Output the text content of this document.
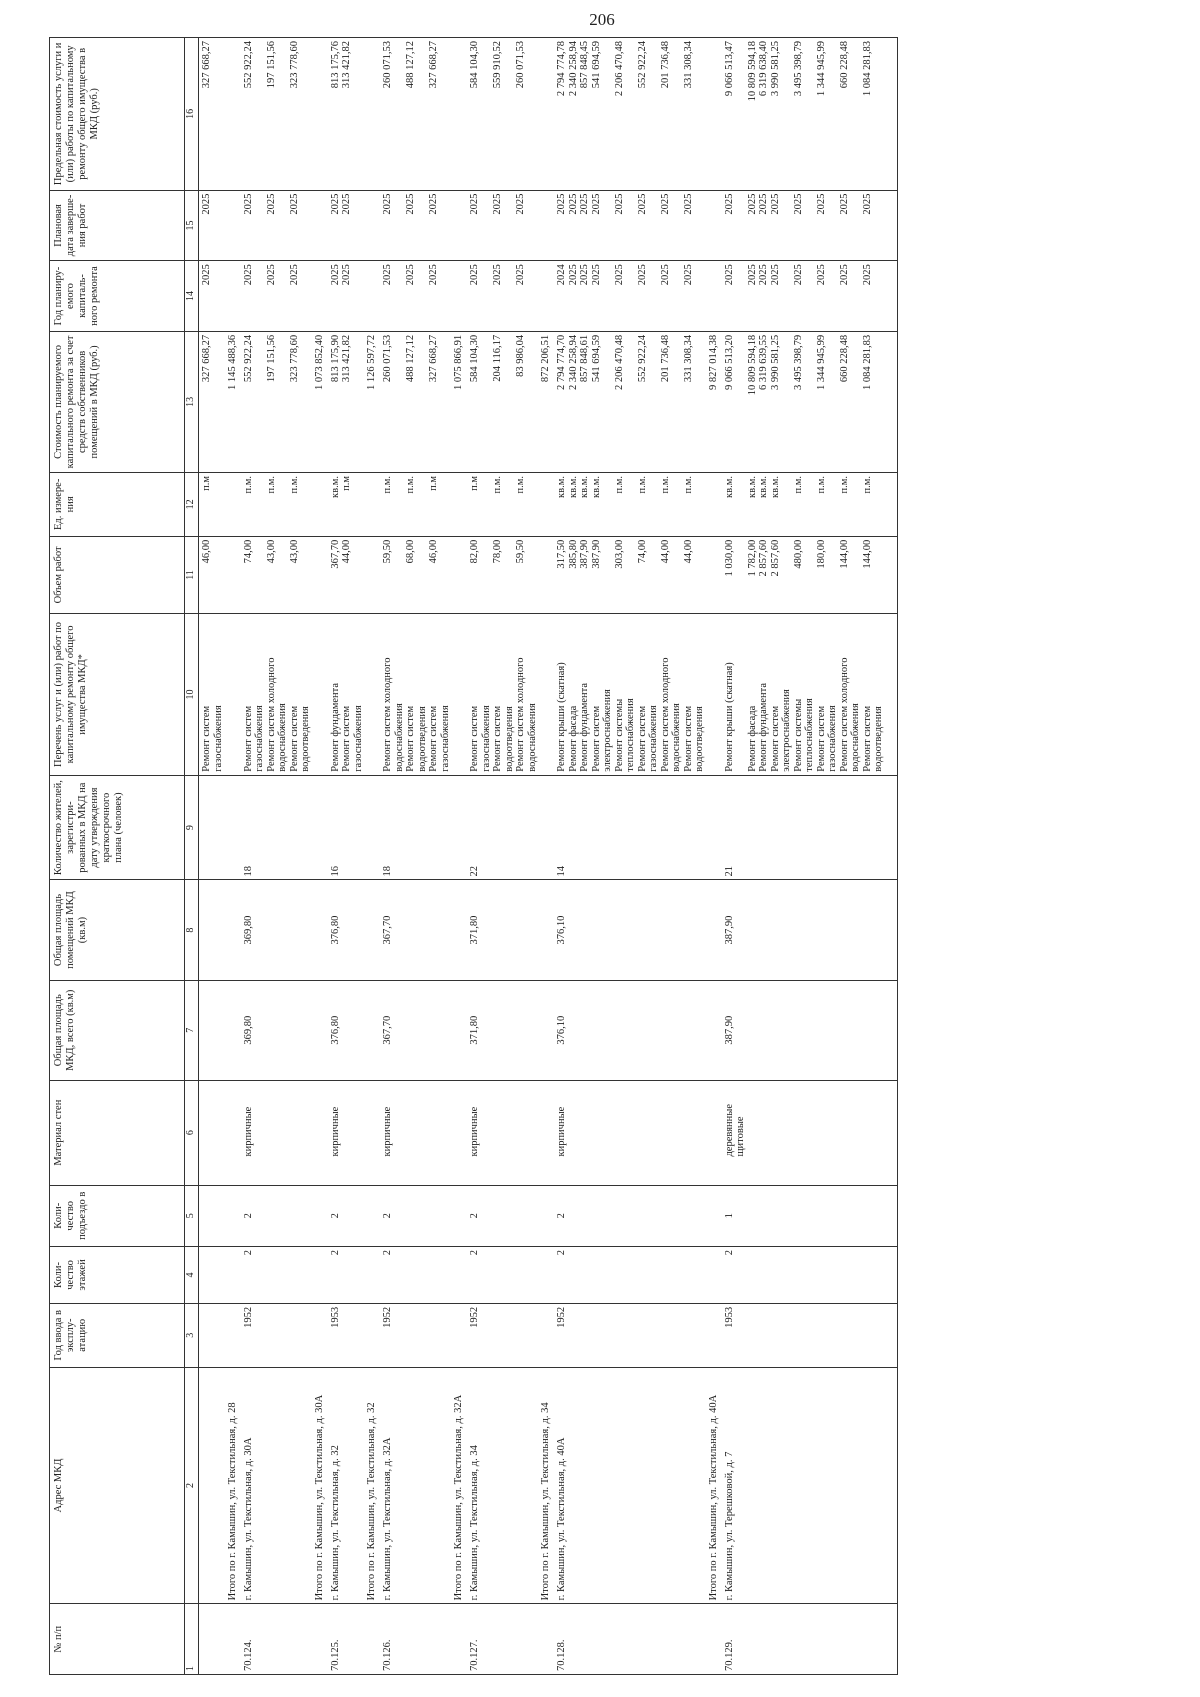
206
№ п/п	Адрес МКД	Год ввода в эксплу- атацию	Коли- чество этажей	Коли- чество подъездо в	Материал стен	Общая площадь МКД, всего (кв.м)	Общая площадь помещений МКД (кв.м)	Количество жителей, зарегистри- рованных в МКД на дату утверждения краткосрочного плана (человек)	Перечень услуг и (или) работ по капитальному ремонту общего имущества МКД*	Объем работ	Ед. измере- ния	Стоимость планируемого капитального ремонта за счет средств собственников помещений в МКД (руб.)	Год планиру- емого капиталь- ного ремонта	Плановая дата заверше- ния работ	Предельная стоимость услуги и (или) работы по капитальному ремонту общего имущества в МКД (руб.)
1	2	3	4	5	6	7	8	9	10	11	12	13	14	15	16
									Ремонт систем	46,00	п.м	327 668,27	2025	2025	327 668,27
									газоснабжения						
	Итого по г. Камышин, ул. Текстильная, д. 28											1 145 488,36			
70.124.	г. Камышин, ул. Текстильная, д. 30А	1952	2	2	кирпичные	369,80	369,80	18	Ремонт систем	74,00	п.м.	552 922,24	2025	2025	552 922,24
									газоснабжения						
									Ремонт систем холодного	43,00	п.м.	197 151,56	2025	2025	197 151,56
									водоснабжения						
									Ремонт систем	43,00	п.м.	323 778,60	2025	2025	323 778,60
									водоотведения						
	Итого по г. Камышин, ул. Текстильная, д. 30А											1 073 852,40			
70.125.	г. Камышин, ул. Текстильная, д. 32	1953	2	2	кирпичные	376,80	376,80	16	Ремонт фундамента	367,70	кв.м.	813 175,90	2025	2025	813 175,76
									Ремонт систем	44,00	п.м	313 421,82	2025	2025	313 421,82
									газоснабжения						
	Итого по г. Камышин, ул. Текстильная, д. 32											1 126 597,72			
70.126.	г. Камышин, ул. Текстильная, д. 32А	1952	2	2	кирпичные	367,70	367,70	18	Ремонт систем холодного	59,50	п.м.	260 071,53	2025	2025	260 071,53
									водоснабжения						
									Ремонт систем	68,00	п.м.	488 127,12	2025	2025	488 127,12
									водоотведения						
									Ремонт систем	46,00	п.м	327 668,27	2025	2025	327 668,27
									газоснабжения						
	Итого по г. Камышин, ул. Текстильная, д. 32А											1 075 866,91			
70.127.	г. Камышин, ул. Текстильная, д. 34	1952	2	2	кирпичные	371,80	371,80	22	Ремонт систем	82,00	п.м	584 104,30	2025	2025	584 104,30
									газоснабжения						
									Ремонт систем	78,00	п.м.	204 116,17	2025	2025	559 910,52
									водоотведения						
									Ремонт систем холодного	59,50	п.м.	83 986,04	2025	2025	260 071,53
									водоснабжения						
	Итого по г. Камышин, ул. Текстильная, д. 34											872 206,51			
70.128.	г. Камышин, ул. Текстильная, д. 40А	1952	2	2	кирпичные	376,10	376,10	14	Ремонт крыши (скатная)	317,50	кв.м.	2 794 774,70	2024	2025	2 794 774,78
									Ремонт фасада	385,80	кв.м.	2 340 258,94	2025	2025	2 340 258,94
									Ремонт фундамента	387,90	кв.м.	857 848,61	2025	2025	857 848,45
									Ремонт систем	387,90	кв.м.	541 694,59	2025	2025	541 694,59
									электроснабжения						
									Ремонт системы	303,00	п.м.	2 206 470,48	2025	2025	2 206 470,48
									теплоснабжения						
									Ремонт систем	74,00	п.м.	552 922,24	2025	2025	552 922,24
									газоснабжения						
									Ремонт систем холодного	44,00	п.м.	201 736,48	2025	2025	201 736,48
									водоснабжения						
									Ремонт систем	44,00	п.м.	331 308,34	2025	2025	331 308,34
									водоотведения						
	Итого по г. Камышин, ул. Текстильная, д. 40А											9 827 014,38			
70.129.	г. Камышин, ул. Терешковой, д. 7	1953	2	1	деревянные	387,90	387,90	21	Ремонт крыши (скатная)	1 030,00	кв.м.	9 066 513,20	2025	2025	9 066 513,47
					щитовые										
									Ремонт фасада	1 782,00	кв.м.	10 809 594,18	2025	2025	10 809 594,18
									Ремонт фундамента	2 857,60	кв.м.	6 319 639,55	2025	2025	6 319 638,40
									Ремонт систем	2 857,60	кв.м.	3 990 581,25	2025	2025	3 990 581,25
									электроснабжения						
									Ремонт системы	480,00	п.м.	3 495 398,79	2025	2025	3 495 398,79
									теплоснабжения						
									Ремонт систем	180,00	п.м.	1 344 945,99	2025	2025	1 344 945,99
									газоснабжения						
									Ремонт систем холодного	144,00	п.м.	660 228,48	2025	2025	660 228,48
									водоснабжения						
									Ремонт систем	144,00	п.м.	1 084 281,83	2025	2025	1 084 281,83
									водоотведения						
